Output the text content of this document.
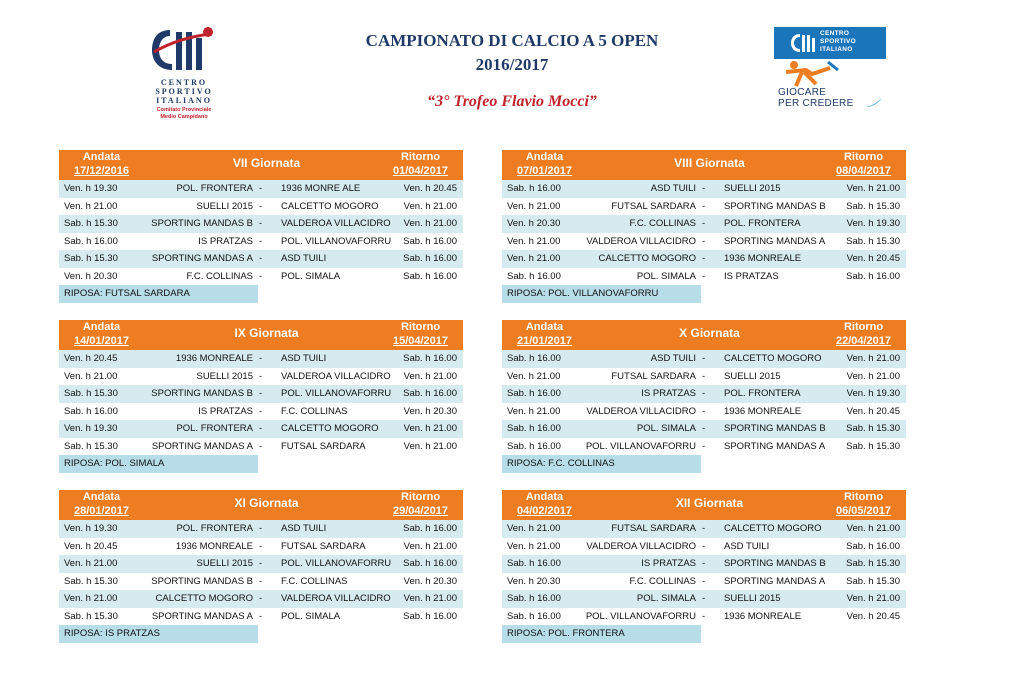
CENTRO
SPORTIVO
ITALIANO
Comitato Provinciale
Medio Campidano
CAMPIONATO DI CALCIO A 5 OPEN
2016/2017
“3° Trofeo Flavio Mocci”
CENTRO SPORTIVO ITALIANO
GIOCARE
PER CREDERE
Andata
17/12/2016
VII Giornata	Ritorno
01/04/2017
Ven. h 19.30	POL. FRONTERA - 1936 MONRE ALE	Ven. h 20.45
Ven. h 21.00	SUELLI 2015 - CALCETTO MOGORO	Ven. h 21.00
Sab. h 15.30	SPORTING MANDAS B - VALDEROA VILLACIDRO Ven. h 21.00
Sab. h 16.00	IS PRATZAS - POL. VILLANOVAFORRU Sab. h 16.00
Sab. h 15.30	SPORTING MANDAS A - ASD TUILI	Sab. h 16.00
Ven. h 20.30	F.C. COLLINAS - POL. SIMALA	Sab. h 16.00
RIPOSA: FUTSAL SARDARA
Andata
07/01/2017
VIII Giornata	Ritorno
08/04/2017
Sab. h 16.00	ASD TUILI - SUELLI 2015	Ven. h 21.00
Ven. h 21.00	FUTSAL SARDARA - SPORTING MANDAS B Sab. h 15.30
Ven. h 20.30	F.C. COLLINAS - POL. FRONTERA	Ven. h 19.30
Ven. h 21.00	VALDEROA VILLACIDRO - SPORTING MANDAS A Sab. h 15.30
Ven. h 21.00	CALCETTO MOGORO - 1936 MONREALE	Ven. h 20.45
Sab. h 16.00	POL. SIMALA - IS PRATZAS	Sab. h 16.00
RIPOSA: POL. VILLANOVAFORRU
Andata
14/01/2017
IX Giornata	Ritorno
15/04/2017
Ven. h 20.45	1936 MONREALE - ASD TUILI	Sab. h 16.00
Ven. h 21.00	SUELLI 2015 - VALDEROA VILLACIDRO Ven. h 21.00
Sab. h 15.30	SPORTING MANDAS B - POL. VILLANOVAFORRU Sab. h 16.00
Sab. h 16.00	IS PRATZAS - F.C. COLLINAS	Ven. h 20.30
Ven. h 19.30	POL. FRONTERA - CALCETTO MOGORO	Ven. h 21.00
Sab. h 15.30	SPORTING MANDAS A - FUTSAL SARDARA	Ven. h 21.00
RIPOSA: POL. SIMALA
Andata
21/01/2017
X Giornata	Ritorno
22/04/2017
Sab. h 16.00	ASD TUILI - CALCETTO MOGORO	Ven. h 21.00
Ven. h 21.00	FUTSAL SARDARA - SUELLI 2015	Ven. h 21.00
Sab. h 16.00	IS PRATZAS - POL. FRONTERA	Ven. h 19.30
Ven. h 21.00	VALDEROA VILLACIDRO - 1936 MONREALE	Ven. h 20.45
Sab. h 16.00	POL. SIMALA - SPORTING MANDAS B Sab. h 15.30
Sab. h 16.00	POL. VILLANOVAFORRU - SPORTING MANDAS A Sab. h 15.30
RIPOSA: F.C. COLLINAS
Andata
28/01/2017
XI Giornata	Ritorno
29/04/2017
Ven. h 19.30	POL. FRONTERA - ASD TUILI	Sab. h 16.00
Ven. h 20.45	1936 MONREALE - FUTSAL SARDARA	Ven. h 21.00
Ven. h 21.00	SUELLI 2015 - POL. VILLANOVAFORRU Sab. h 16.00
Sab. h 15.30	SPORTING MANDAS B - F.C. COLLINAS	Ven. h 20.30
Ven. h 21.00	CALCETTO MOGORO - VALDEROA VILLACIDRO Ven. h 21.00
Sab. h 15.30	SPORTING MANDAS A - POL. SIMALA	Sab. h 16.00
RIPOSA: IS PRATZAS
Andata
04/02/2017
XII Giornata	Ritorno
06/05/2017
Ven. h 21.00	FUTSAL SARDARA - CALCETTO MOGORO	Ven. h 21.00
Ven. h 21.00	VALDEROA VILLACIDRO - ASD TUILI	Sab. h 16.00
Sab. h 16.00	IS PRATZAS - SPORTING MANDAS B Sab. h 15.30
Ven. h 20.30	F.C. COLLINAS - SPORTING MANDAS A Sab. h 15.30
Sab. h 16.00	POL. SIMALA - SUELLI 2015	Ven. h 21.00
Sab. h 16.00	POL. VILLANOVAFORRU - 1936 MONREALE	Ven. h 20.45
RIPOSA: POL. FRONTERA
